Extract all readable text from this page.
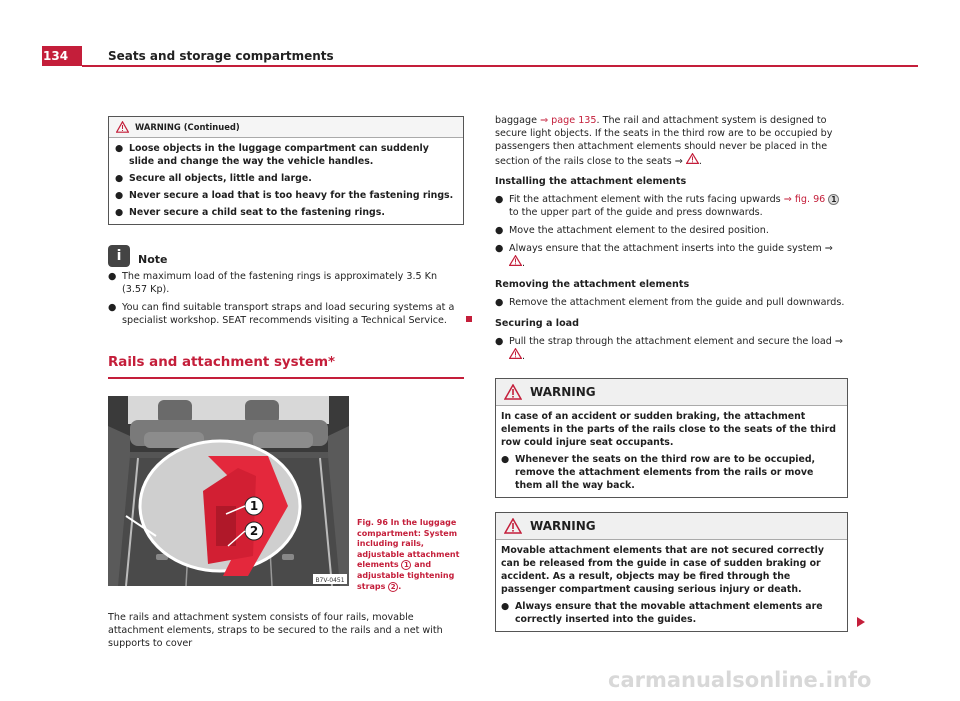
134	Seats and storage compartments
WARNING (Continued)
● Loose objects in the luggage compartment can suddenly slide and change the way the vehicle handles.
● Secure all objects, little and large.
● Never secure a load that is too heavy for the fastening rings.
● Never secure a child seat to the fastening rings.
i	Note
● The maximum load of the fastening rings is approximately 3.5 Kn (3.57 Kp).
● You can find suitable transport straps and load securing systems at a specialist workshop. SEAT recommends visiting a Technical Service.
Rails and attachment system*
1
2
B7V-0451
Fig. 96 In the luggage compartment: System including rails, adjustable attachment elements 1 and adjustable tightening straps 2 .

The rails and attachment system consists of four rails, movable attachment elements, straps to be secured to the rails and a net with supports to cover

baggage ⇒ page 135. The rail and attachment system is designed to secure light objects. If the seats in the third row are to be occupied by passengers then attachment elements should never be placed in the section of the rails close to the seats ⇒ .

Installing the attachment elements
● Fit the attachment element with the ruts facing upwards ⇒ fig. 96 1 to the upper part of the guide and press downwards.
● Move the attachment element to the desired position.
● Always ensure that the attachment inserts into the guide system ⇒ .
Removing the attachment elements
● Remove the attachment element from the guide and pull downwards.
Securing a load
● Pull the strap through the attachment element and secure the load ⇒ .
WARNING

In case of an accident or sudden braking, the attachment elements in the parts of the rails close to the seats of the third row could injure seat occupants.

● Whenever the seats on the third row are to be occupied, remove the attachment elements from the rails or move them all the way back.
WARNING

Movable attachment elements that are not secured correctly can be released from the guide in case of sudden braking or accident. As a result, objects may be fired through the passenger compartment causing serious injury or death.

● Always ensure that the movable attachment elements are correctly inserted into the guides.
carmanualsonline.info
